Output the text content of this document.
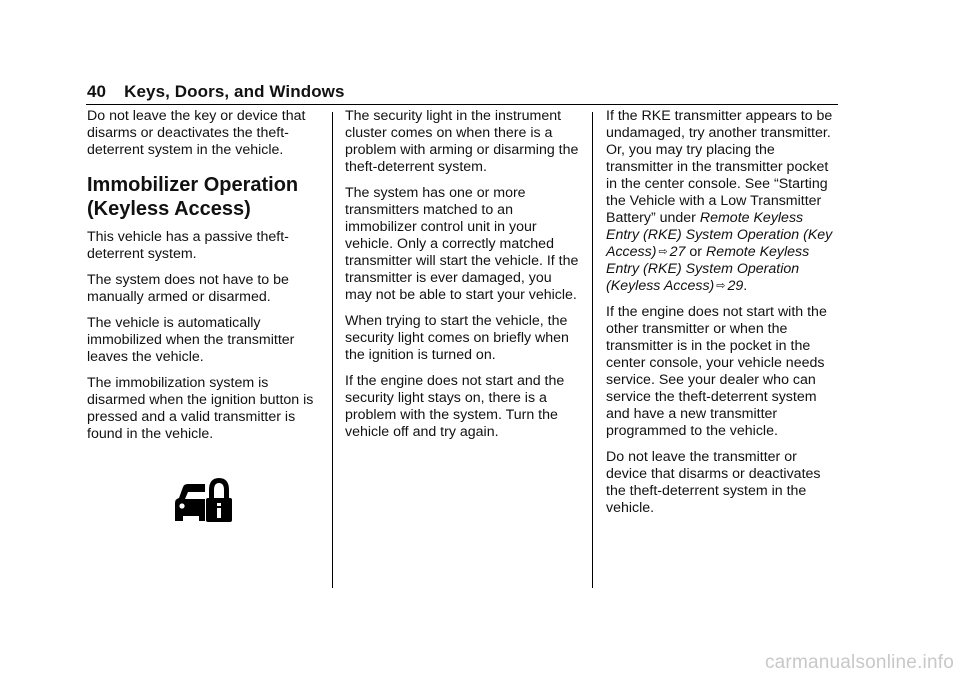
40 Keys, Doors, and Windows

Do not leave the key or device that disarms or deactivates the theft-deterrent system in the vehicle.

Immobilizer Operation (Keyless Access)

This vehicle has a passive theft-deterrent system.

The system does not have to be manually armed or disarmed.

The vehicle is automatically immobilized when the transmitter leaves the vehicle.

The immobilization system is disarmed when the ignition button is pressed and a valid transmitter is found in the vehicle.

The security light in the instrument cluster comes on when there is a problem with arming or disarming the theft-deterrent system.

The system has one or more transmitters matched to an immobilizer control unit in your vehicle. Only a correctly matched transmitter will start the vehicle. If the transmitter is ever damaged, you may not be able to start your vehicle.

When trying to start the vehicle, the security light comes on briefly when the ignition is turned on.

If the engine does not start and the security light stays on, there is a problem with the system. Turn the vehicle off and try again.

If the RKE transmitter appears to be undamaged, try another transmitter. Or, you may try placing the transmitter in the transmitter pocket in the center console. See “Starting the Vehicle with a Low Transmitter Battery” under Remote Keyless Entry (RKE) System Operation (Key Access) ⇨ 27 or Remote Keyless Entry (RKE) System Operation (Keyless Access) ⇨ 29.

If the engine does not start with the other transmitter or when the transmitter is in the pocket in the center console, your vehicle needs service. See your dealer who can service the theft-deterrent system and have a new transmitter programmed to the vehicle.

Do not leave the transmitter or device that disarms or deactivates the theft-deterrent system in the vehicle.

carmanualsonline.info
